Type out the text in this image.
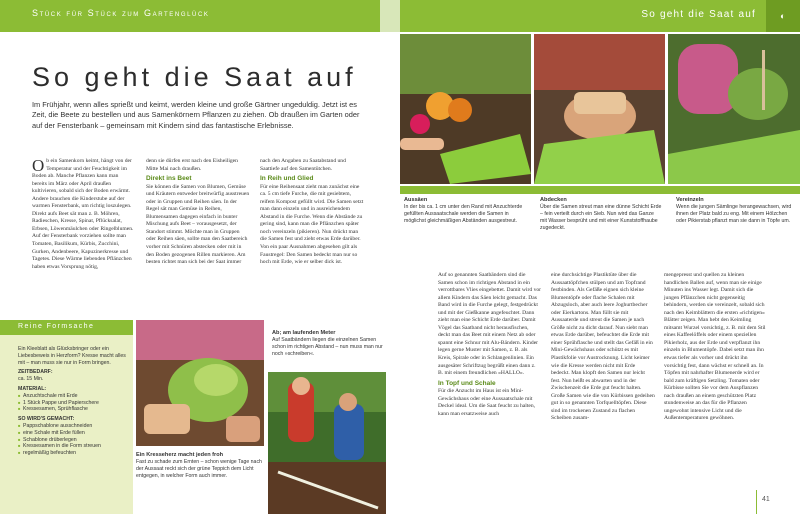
Stück für Stück zum Gartenglück	So geht die Saat auf	◐
So geht die Saat auf
Im Frühjahr, wenn alles sprießt und keimt, werden kleine und große Gärtner ungeduldig. Jetzt ist es Zeit, die Beete zu bestellen und aus Samenkörnern Pflanzen zu ziehen. Ob draußen im Garten oder auf der Fensterbank – gemeinsam mit Kindern sind das fantastische Erlebnisse.
O b ein Samenkorn keimt, hängt von der Temperatur und der Feuchtigkeit im Boden ab. Manche Pflanzen kann man bereits im März oder April draußen kultivieren, sobald sich der Boden erwärmt. Andere brauchen die Kinderstube auf der warmen Fensterbank, um richtig loszulegen. Direkt aufs Beet sät man z. B. Möhren, Radieschen, Kresse, Spinat, Pflücksalat, Erbsen, Löwenmäulchen oder Ringelblumen. Auf der Fensterbank vorziehen sollte man Tomaten, Basilikum, Kürbis, Zucchini, Gurken, Andenbeere, Kapuzinerkresse und Tagetes. Diese Wärme liebenden Pflänzchen haben etwas Vorsprung nötig,

denn sie dürfen erst nach den Eisheiligen Mitte Mai nach draußen.

Direkt ins Beet

Sie können die Samen von Blumen, Gemüse und Kräutern entweder breitwürfig ausstreuen oder in Gruppen und Reihen säen. In der Regel sät man Gemüse in Reihen, Blumensamen dagegen einfach in bunter Mischung aufs Beet – vorausgesetzt, der Standort stimmt. Möchte man in Gruppen oder Reihen säen, sollte man den Saatbereich vorher mit Schnüren abstecken oder mit in den Boden gezogenen Rillen markieren. Am besten richtet man sich bei der Saat immer

nach den Angaben zu Saatabstand und Saattiefe auf den Samentütchen.

In Reih und Glied

Für eine Reihensaat zieht man zunächst eine ca. 5 cm tiefe Furche, die mit gesiebtem, reifem Kompost gefüllt wird. Die Samen setzt man dann einzeln und in ausreichendem Abstand in die Furche. Wenn die Abstände zu gering sind, kann man die Pflänzchen später noch vereinzeln (pikieren). Nun drückt man die Samen fest und zieht etwas Erde darüber. Von ein paar Ausnahmen abgesehen gilt als Faustregel: Den Samen bedeckt man nur so hoch mit Erde, wie er selber dick ist.

Reine Formsache
Ein Kleeblatt als Glücksbringer oder ein Liebesbeweis in Herzform? Kresse macht alles mit – man muss sie nur in Form bringen.
ZEITBEDARF:
ca. 15 Min.
MATERIAL:
■ Anzuchtschale mit Erde
■ 1 Stück Pappe und Papierschere
■ Kressesamen, Sprühflasche
SO WIRD'S GEMACHT:
■ Pappschablone ausschneiden
■ eine Schale mit Erde füllen
■ Schablone drüberlegen
■ Kressesamen in die Form streuen
■ regelmäßig befeuchten	Ein Kresseherz macht jeden froh
Fast zu schade zum Ernten – schon wenige Tage nach der Aussaat reckt sich der grüne Teppich dem Licht entgegen, in welcher Form auch immer.
Ab; am laufenden Meter
Auf Saatbändern liegen die einzelnen Samen schon im richtigen Abstand – nun muss man nur noch »schreiben«.
Aussäen
In der bis ca. 1 cm unter den Rand mit Anzuchterde gefüllten Aussaatschale werden die Samen in möglichst gleichmäßigen Abständen ausgestreut.
Abdecken
Über die Samen streut man eine dünne Schicht Erde – fein verteilt durch ein Sieb. Nun wird das Ganze mit Wasser besprüht und mit einer Kunststoffhaube zugedeckt.
Vereinzeln
Wenn die jungen Sämlinge herangewachsen, wird ihnen der Platz bald zu eng. Mit einem Hölzchen oder Pikierstab pflanzt man sie dann in Töpfe um.

Auf so genannten Saatbändern sind die Samen schon im richtigen Abstand in ein verrottbares Vlies eingebettet. Damit wird vor allem Kindern das Säen leicht gemacht. Das Band wird in die Furche gelegt, festgedrückt und mit der Gießkanne angefeuchtet. Dann zieht man eine Schicht Erde darüber. Damit Vögel das Saatband nicht herausfischen, deckt man das Beet mit einem Netz ab oder spannt eine Schnur mit Alu-Bändern. Kinder legen gerne Muster mit Samen, z. B. als Kreis, Spirale oder in Schlangenlinien. Ein ausgesäter Schriftzug begrüßt einen dann z. B. mit einem freundlichen »HALLO«.

In Topf und Schale

Für die Anzucht im Haus ist ein Mini-Gewächshaus oder eine Aussaatschale mit Deckel ideal. Um die Saat feucht zu halten, kann man ersatzweise auch

eine durchsichtige Plastiktüte über die Aussaattöpfchen stülpen und am Topfrand festbinden. Als Gefäße eignen sich kleine Blumentöpfe oder flache Schalen mit Abzugsloch, aber auch leere Joghurtbecher oder Eierkartons. Man füllt sie mit Aussaaterde und streut die Samen je nach Größe nicht zu dicht darauf. Nun siebt man etwas Erde darüber, befeuchtet die Erde mit einer Sprühflasche und stellt das Gefäß in ein Mini-Gewächshaus oder schützt es mit Plastikfolie vor Austrocknung. Licht keimer wie die Kresse werden nicht mit Erde bedeckt. Man klopft den Samen nur leicht fest. Nun heißt es abwarten und in der Zwischenzeit die Erde gut feucht halten. Große Samen wie die von Kürbissen gedeihen gut in so genannten Torfquelltöpfen. Diese sind im trockenen Zustand zu flachen Scheiben zusam-

mengepresst und quellen zu kleinen handlichen Ballen auf, wenn man sie einige Minuten ins Wasser legt. Damit sich die jungen Pflänzchen nicht gegenseitig behindern, werden sie vereinzelt, sobald sich nach den Keimblättern die ersten »richtigen« Blätter zeigen. Man hebt den Keimling mitsamt Wurzel vorsichtig, z. B. mit dem Stil eines Kaffeelöffels oder einem speziellen Pikierholz, aus der Erde und verpflanzt ihn einzeln in Blumentöpfe. Dabei setzt man ihn etwas tiefer als vorher und drückt ihn vorsichtig fest, dann wächst er schnell an. In Töpfen mit nahrhafter Blumenerde wird er bald zum kräftigen Setzling. Tomaten oder Kürbisse sollten Sie vor dem Auspflanzen nach draußen an einem geschützten Platz stundenweise an das für die Pflanzen ungewohnt intensive Licht und die Außentemperaturen gewöhnen.

41
